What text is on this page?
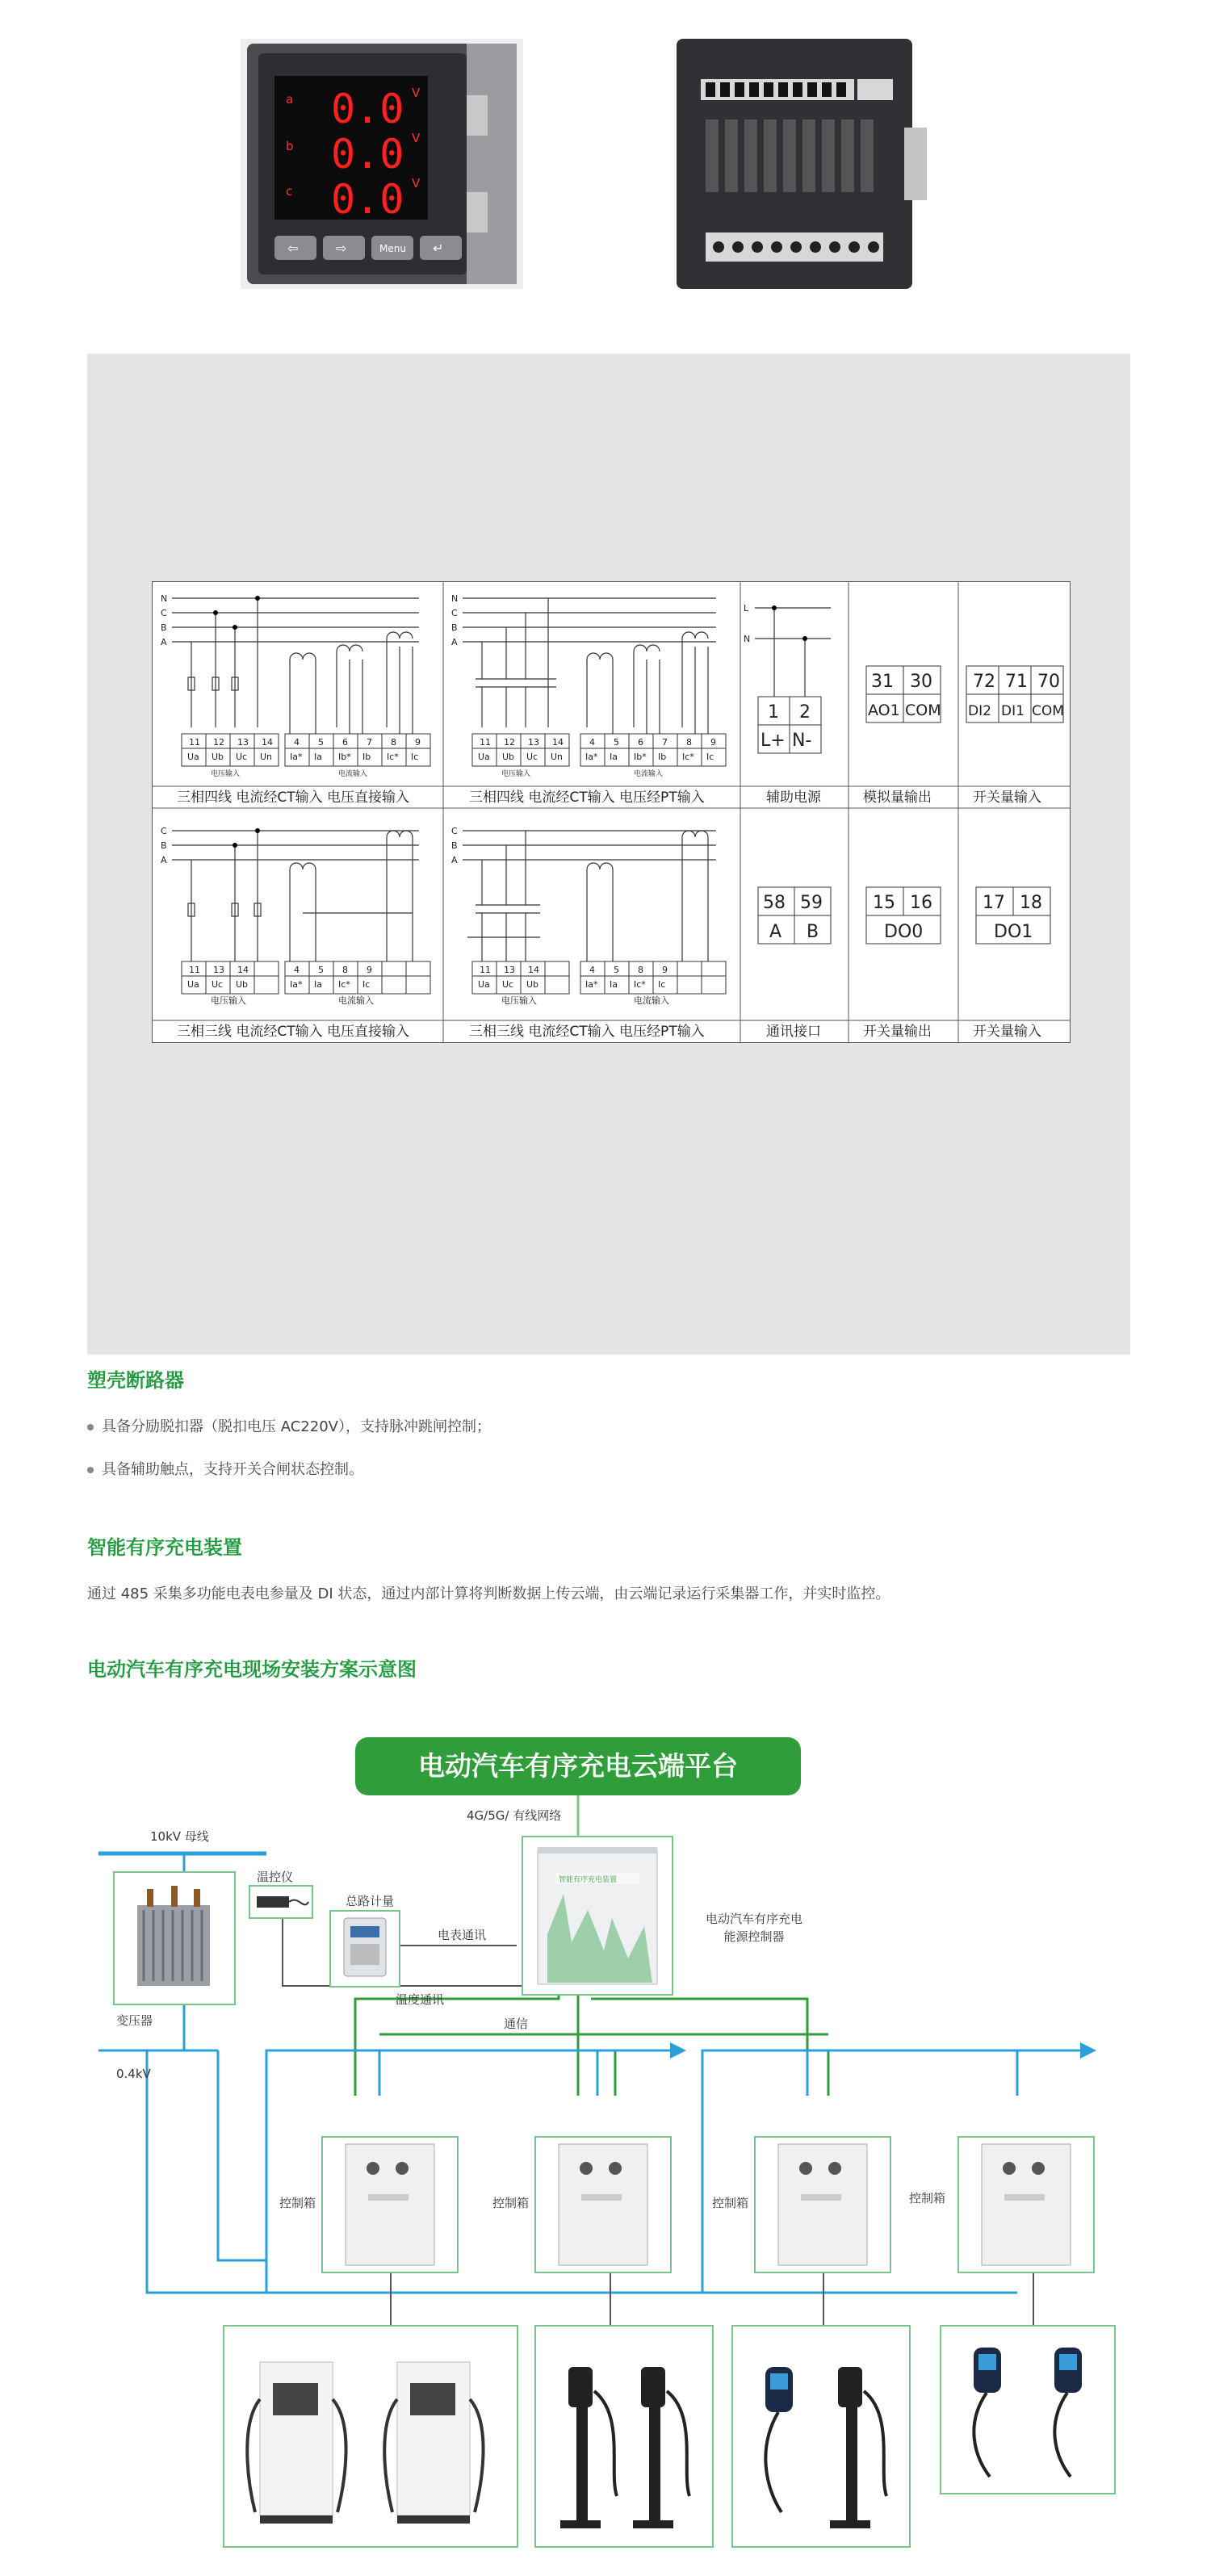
a
b
c
0.0
0.0
0.0
V
V
V
⇦	⇨	Menu ↵
N
C
B
A
11 12 13 14
Ua Ub Uc Un
4 5 6 7 8 9
Ia* Ia Ib* Ib Ic* Ic
电压输入	电流输入
三相四线 电流经CT输入 电压直接输入
N
C
B
A
11 12 13 14
Ua Ub Uc Un
4 5 6 7 8 9
Ia* Ia Ib* Ib Ic* Ic
电压输入	电流输入
三相四线 电流经CT输入 电压经PT输入
L
N
1 2
L+ N-
辅助电源
31 30
AO1 COM
模拟量输出
72 71 70
DI2 DI1 COM
开关量输入
C
B
A
11 13 14
Ua Uc Ub
4 5 8 9
Ia* Ia Ic* Ic
电压输入	电流输入
三相三线 电流经CT输入 电压直接输入
C
B
A
11 13 14
Ua Uc Ub
4 5 8 9
Ia* Ia Ic* Ic
电压输入	电流输入
三相三线 电流经CT输入 电压经PT输入
58 59
A B
通讯接口
15 16
DO0
开关量输出
17 18
DO1
开关量输入
塑壳断路器
具备分励脱扣器（脱扣电压 AC220V），支持脉冲跳闸控制；
具备辅助触点，支持开关合闸状态控制。
智能有序充电装置
通过 485 采集多功能电表电参量及 DI 状态，通过内部计算将判断数据上传云端，由云端记录运行采集器工作，并实时监控。
电动汽车有序充电现场安装方案示意图
电动汽车有序充电云端平台
10kV 母线
变压器
0.4kV
温控仪
总路计量
电表通讯
4G/5G/ 有线网络
智能有序充电装置
电动汽车有序充电
能源控制器
温度通讯
通信
控制箱	控制箱	控制箱	控制箱
